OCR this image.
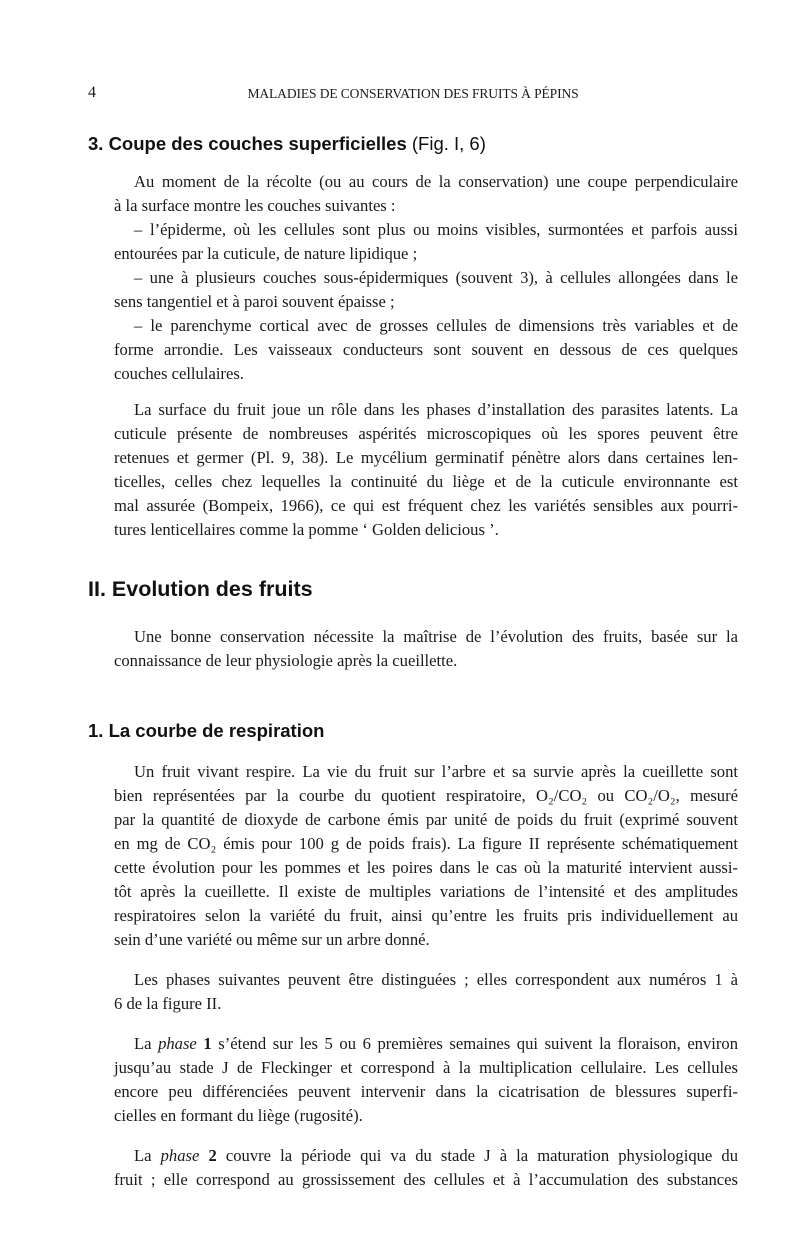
4	MALADIES DE CONSERVATION DES FRUITS À PÉPINS
3. Coupe des couches superficielles (Fig. I, 6)
II. Evolution des fruits
1. La courbe de respiration
Au moment de la récolte (ou au cours de la conservation) une coupe perpendiculaire
à la surface montre les couches suivantes :
– l’épiderme, où les cellules sont plus ou moins visibles, surmontées et parfois aussi
entourées par la cuticule, de nature lipidique ;
– une à plusieurs couches sous-épidermiques (souvent 3), à cellules allongées dans le
sens tangentiel et à paroi souvent épaisse ;
– le parenchyme cortical avec de grosses cellules de dimensions très variables et de
forme arrondie. Les vaisseaux conducteurs sont souvent en dessous de ces quelques
couches cellulaires.
La surface du fruit joue un rôle dans les phases d’installation des parasites latents. La
cuticule présente de nombreuses aspérités microscopiques où les spores peuvent être
retenues et germer (Pl. 9, 38). Le mycélium germinatif pénètre alors dans certaines len-
ticelles, celles chez lequelles la continuité du liège et de la cuticule environnante est
mal assurée (Bompeix, 1966), ce qui est fréquent chez les variétés sensibles aux pourri-
tures lenticellaires comme la pomme ‘ Golden delicious ’.
Une bonne conservation nécessite la maîtrise de l’évolution des fruits, basée sur la
connaissance de leur physiologie après la cueillette.
Un fruit vivant respire. La vie du fruit sur l’arbre et sa survie après la cueillette sont
bien représentées par la courbe du quotient respiratoire, O₂/CO₂ ou CO₂/O₂, mesuré
par la quantité de dioxyde de carbone émis par unité de poids du fruit (exprimé souvent
en mg de CO₂ émis pour 100 g de poids frais). La figure II représente schématiquement
cette évolution pour les pommes et les poires dans le cas où la maturité intervient aussi-
tôt après la cueillette. Il existe de multiples variations de l’intensité et des amplitudes
respiratoires selon la variété du fruit, ainsi qu’entre les fruits pris individuellement au
sein d’une variété ou même sur un arbre donné.
Les phases suivantes peuvent être distinguées ; elles correspondent aux numéros 1 à
6 de la figure II.
La phase 1 s’étend sur les 5 ou 6 premières semaines qui suivent la floraison, environ
jusqu’au stade J de Fleckinger et correspond à la multiplication cellulaire. Les cellules
encore peu différenciées peuvent intervenir dans la cicatrisation de blessures superfi-
cielles en formant du liège (rugosité).
La phase 2 couvre la période qui va du stade J à la maturation physiologique du
fruit ; elle correspond au grossissement des cellules et à l’accumulation des substances
